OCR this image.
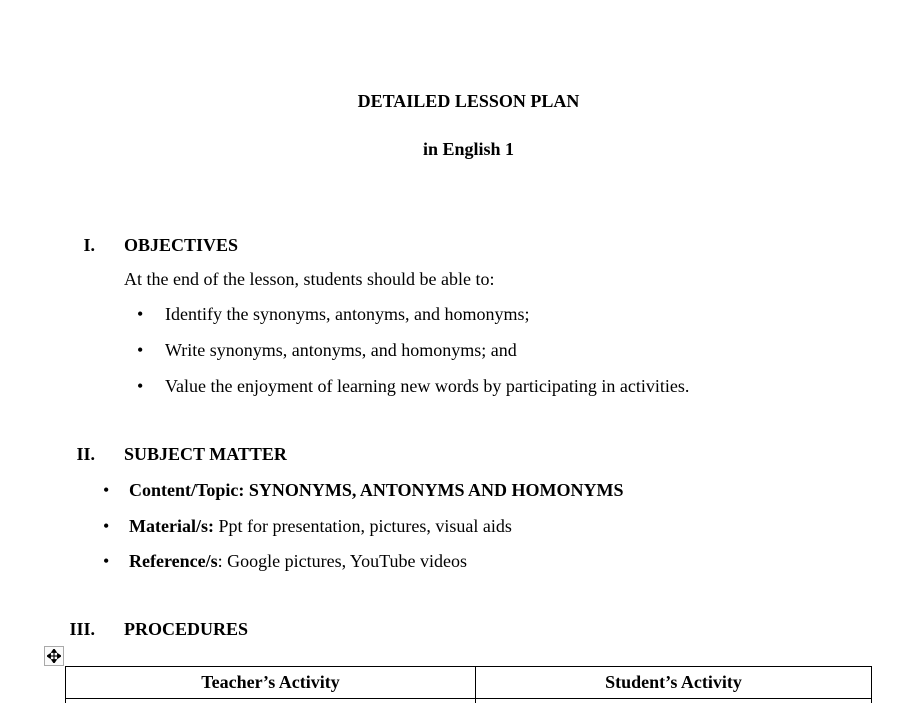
DETAILED LESSON PLAN
in English 1
I. OBJECTIVES
At the end of the lesson, students should be able to:
•	Identify the synonyms, antonyms, and homonyms;
•	Write synonyms, antonyms, and homonyms; and
•	Value the enjoyment of learning new words by participating in activities.
II. SUBJECT MATTER
•	Content/Topic: SYNONYMS, ANTONYMS AND HOMONYMS
•	Material/s: Ppt for presentation, pictures, visual aids
•	Reference/s: Google pictures, YouTube videos
III. PROCEDURES
Teacher’s Activity	Student’s Activity
